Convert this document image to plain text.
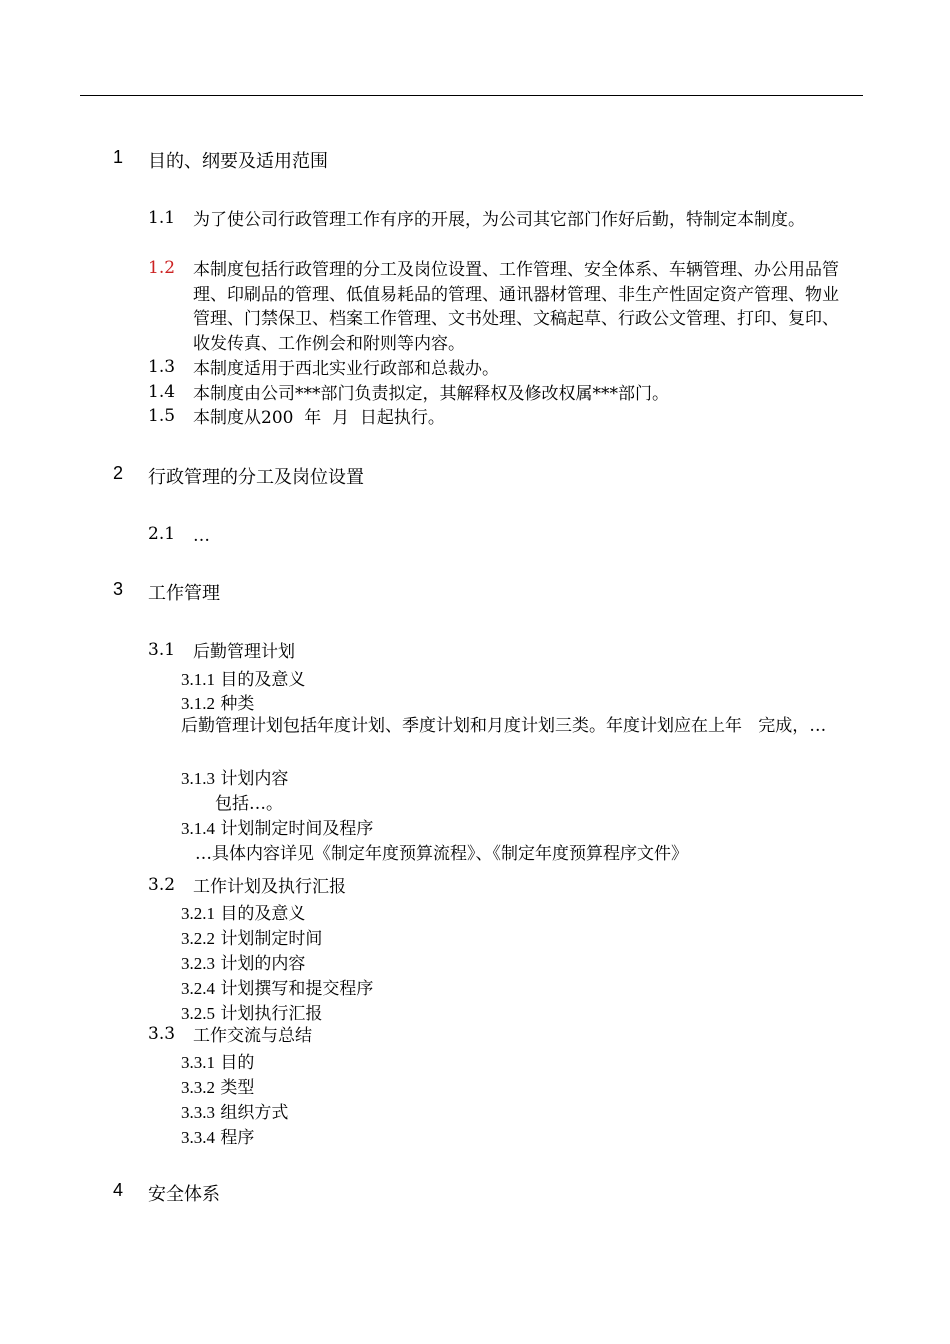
1 目的、纲要及适用范围
1.1 为了使公司行政管理工作有序的开展，为公司其它部门作好后勤，特制定本制度。
1.2 本制度包括行政管理的分工及岗位设置、工作管理、安全体系、车辆管理、办公用品管理、印刷品的管理、低值易耗品的管理、通讯器材管理、非生产性固定资产管理、物业管理、门禁保卫、档案工作管理、文书处理、文稿起草、行政公文管理、打印、复印、收发传真、工作例会和附则等内容。
1.3 本制度适用于西北实业行政部和总裁办。
1.4 本制度由公司***部门负责拟定，其解释权及修改权属***部门。
1.5 本制度从200  年  月  日起执行。
2 行政管理的分工及岗位设置
2.1 …
3 工作管理
3.1 后勤管理计划
3.1.1 目的及意义
3.1.2 种类
后勤管理计划包括年度计划、季度计划和月度计划三类。年度计划应在上年   完成，…
3.1.3 计划内容
包括…。
3.1.4 计划制定时间及程序
…具体内容详见《制定年度预算流程》、《制定年度预算程序文件》
3.2 工作计划及执行汇报
3.2.1 目的及意义
3.2.2 计划制定时间
3.2.3 计划的内容
3.2.4 计划撰写和提交程序
3.2.5 计划执行汇报
3.3 工作交流与总结
3.3.1 目的
3.3.2 类型
3.3.3 组织方式
3.3.4 程序
4 安全体系
